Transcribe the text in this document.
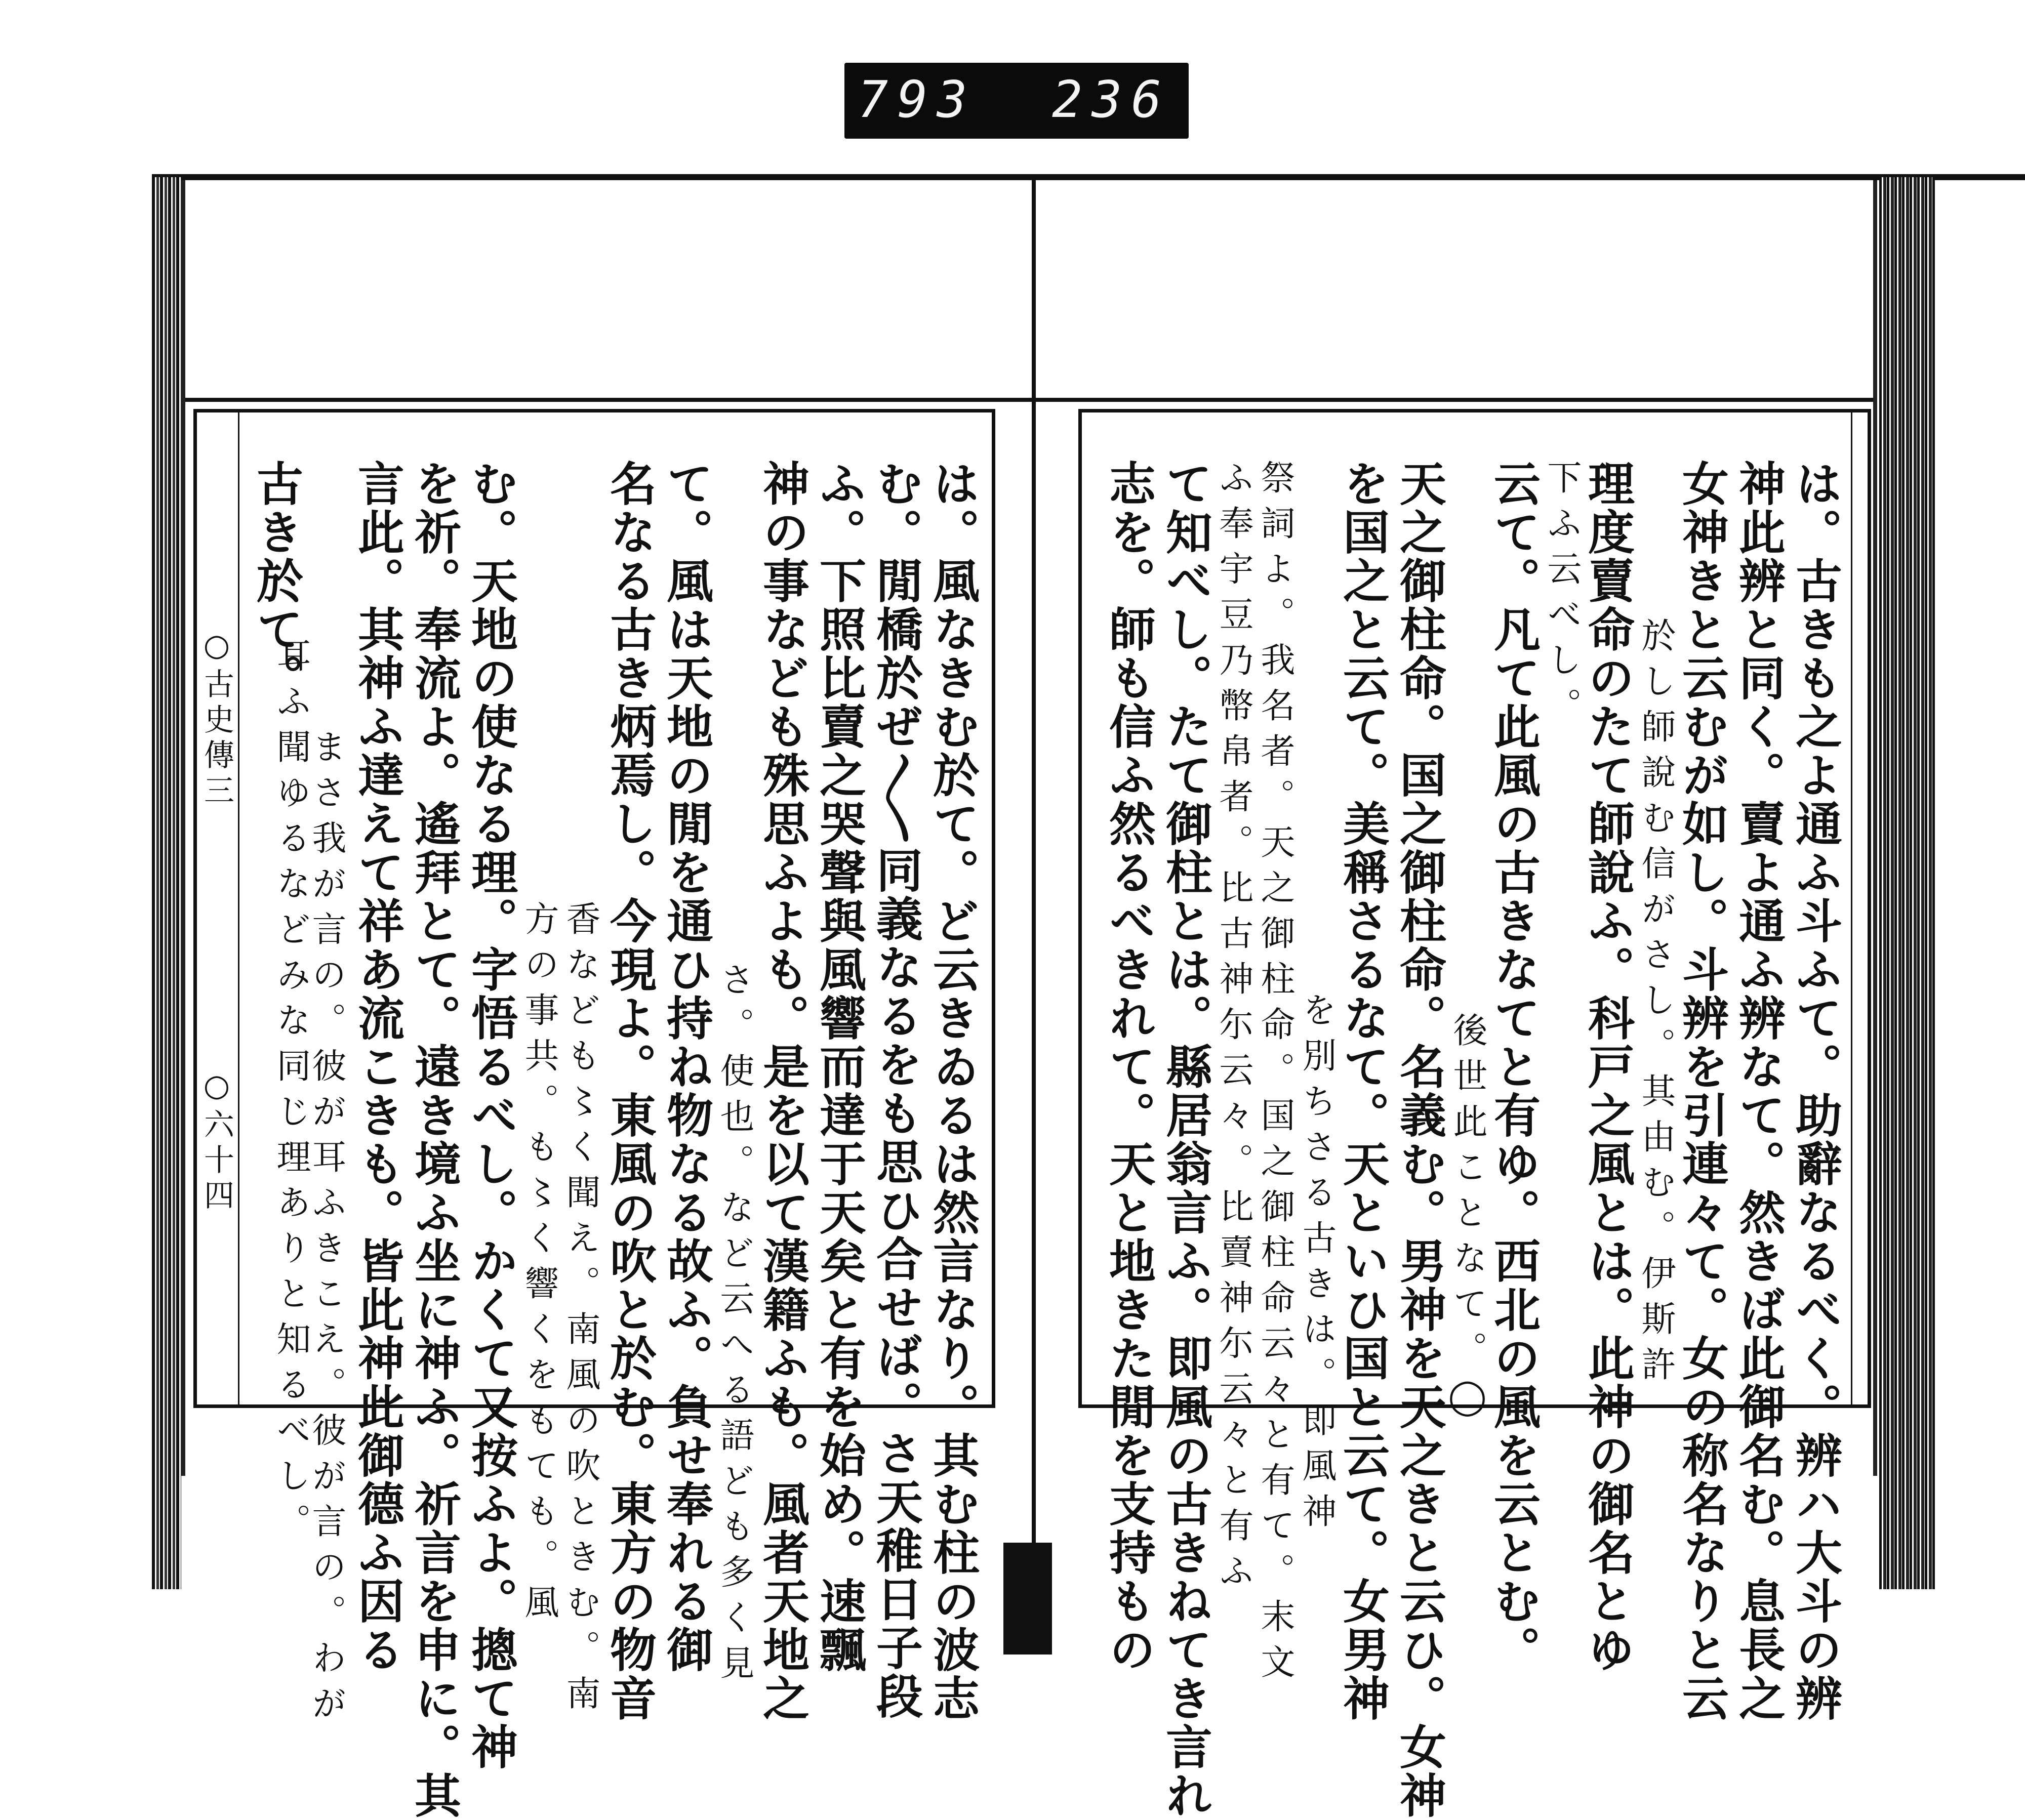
793 236
○古史傳三
○六十四	は。風なきむ於て。ど云きゐるは然言なり。其む柱の波志
む。閒橋於ぜ〳〵同義なるをも思ひ合せば。さ天稚日子段
ふ。下照比賣之哭聲與風響而達于天矣と有を始め。速飄
神の事なども殊思ふよも。是を以て漢籍ふも。風者天地之
さ。使也。など云へる語ども多く見
て。風は天地の閒を通ひ持ね物なる故ふ。負せ奉れる御
名なる古き炳焉し。今現よ。東風の吹と於む。東方の物音
香なども〻く聞え。南風の吹ときむ。南
方の事共。も〻く響くをもても。風
む。天地の使なる理。字悟るべし。かくて又按ふよ。摠て神
を祈。奉流よ。遙拜とて。遠き境ふ坐に神ふ。祈言を申に。其
言此。其神ふ達えて祥あ流こきも。皆此神此御德ふ因る
耳ふ聞ゆるなどみな同じ理ありと知るべし。
まさ我が言の。彼が耳ふきこえ。彼が言の。わが
古き於て。	は。古きも之よ通ふ斗ふて。助辭なるべく。辨ハ大斗の辨
神此辨と同く。賣よ通ふ辨なて。然きば此御名む。息長之
女神きと云むが如し。斗辨を引連々て。女の称名なりと云
於し師說む信がさし。其由む。伊斯許
理度賣命のたて師說ふ。科戸之風とは。此神の御名とゆ
下ふ云べし。
云て。凡て此風の古きなてと有ゆ。西北の風を云とむ。
後世此ことなて。◯
天之御柱命。国之御柱命。名義む。男神を天之きと云ひ。女神
を国之と云て。美稱さるなて。天といひ国と云て。女男神
を別ちさる古きは。即風神
祭詞よ。我名者。天之御柱命。国之御柱命云々と有て。末文
ふ奉宇豆乃幣帛者。比古神尓云々。比賣神尓云々と有ふ
て知べし。たて御柱とは。縣居翁言ふ。即風の古きねてき言れ
志を。師も信ふ然るべきれて。天と地きた閒を支持もの
